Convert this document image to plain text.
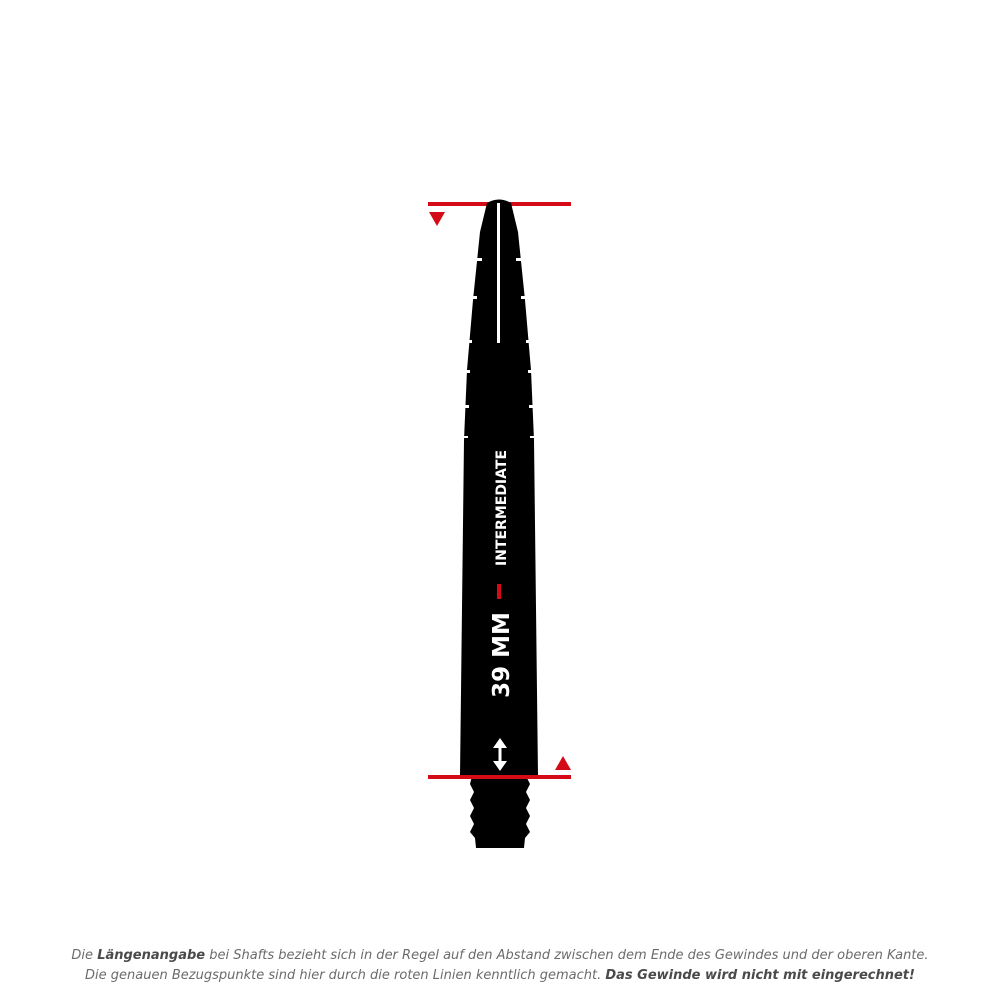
INTERMEDIATE
39 MM
Die Längenangabe bei Shafts bezieht sich in der Regel auf den Abstand zwischen dem Ende des Gewindes und der oberen Kante.
Die genauen Bezugspunkte sind hier durch die roten Linien kenntlich gemacht. Das Gewinde wird nicht mit eingerechnet!
